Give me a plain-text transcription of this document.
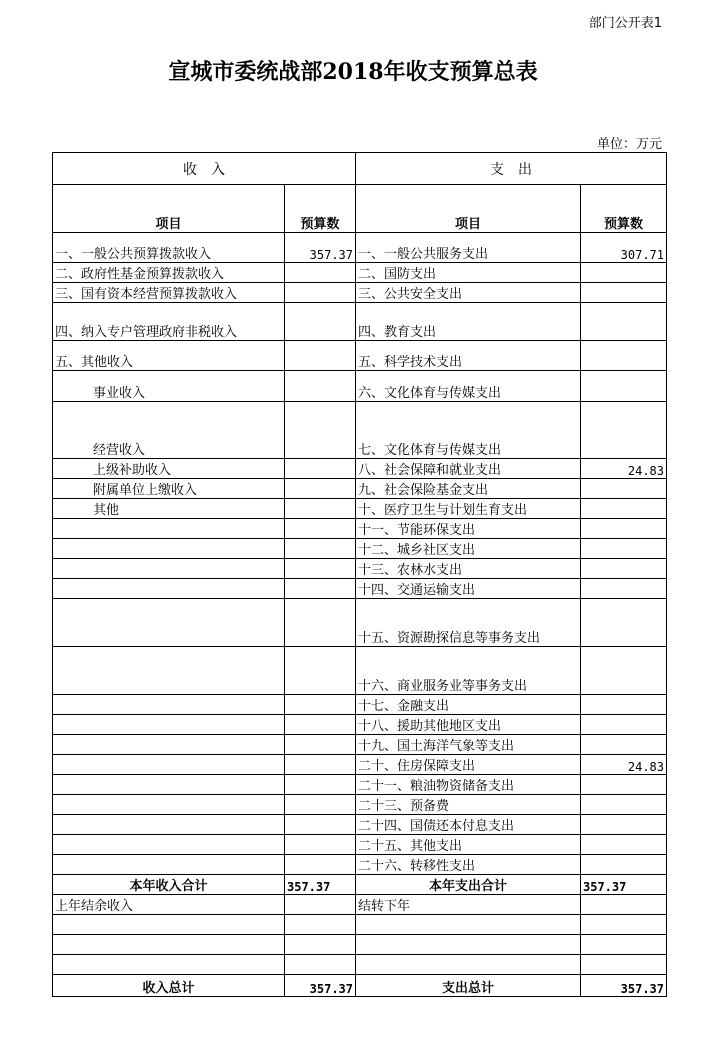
部门公开表1
宣城市委统战部2018年收支预算总表
单位：万元
收　入		支　出	
项目	预算数	项目	预算数
一、一般公共预算拨款收入	357.37	一、一般公共服务支出	307.71
二、政府性基金预算拨款收入		二、国防支出	
三、国有资本经营预算拨款收入		三、公共安全支出	
四、纳入专户管理政府非税收入		四、教育支出	
五、其他收入		五、科学技术支出	
事业收入		六、文化体育与传媒支出	
经营收入		七、文化体育与传媒支出	
上级补助收入		八、社会保障和就业支出	24.83
附属单位上缴收入		九、社会保险基金支出	
其他		十、医疗卫生与计划生育支出	
		十一、节能环保支出	
		十二、城乡社区支出	
		十三、农林水支出	
		十四、交通运输支出	
		十五、资源勘探信息等事务支出	
		十六、商业服务业等事务支出	
		十七、金融支出	
		十八、援助其他地区支出	
		十九、国土海洋气象等支出	
		二十、住房保障支出	24.83
		二十一、粮油物资储备支出	
		二十三、预备费	
		二十四、国债还本付息支出	
		二十五、其他支出	
		二十六、转移性支出	
本年收入合计	357.37	本年支出合计	357.37
上年结余收入		结转下年	

收入总计	357.37	支出总计	357.37
